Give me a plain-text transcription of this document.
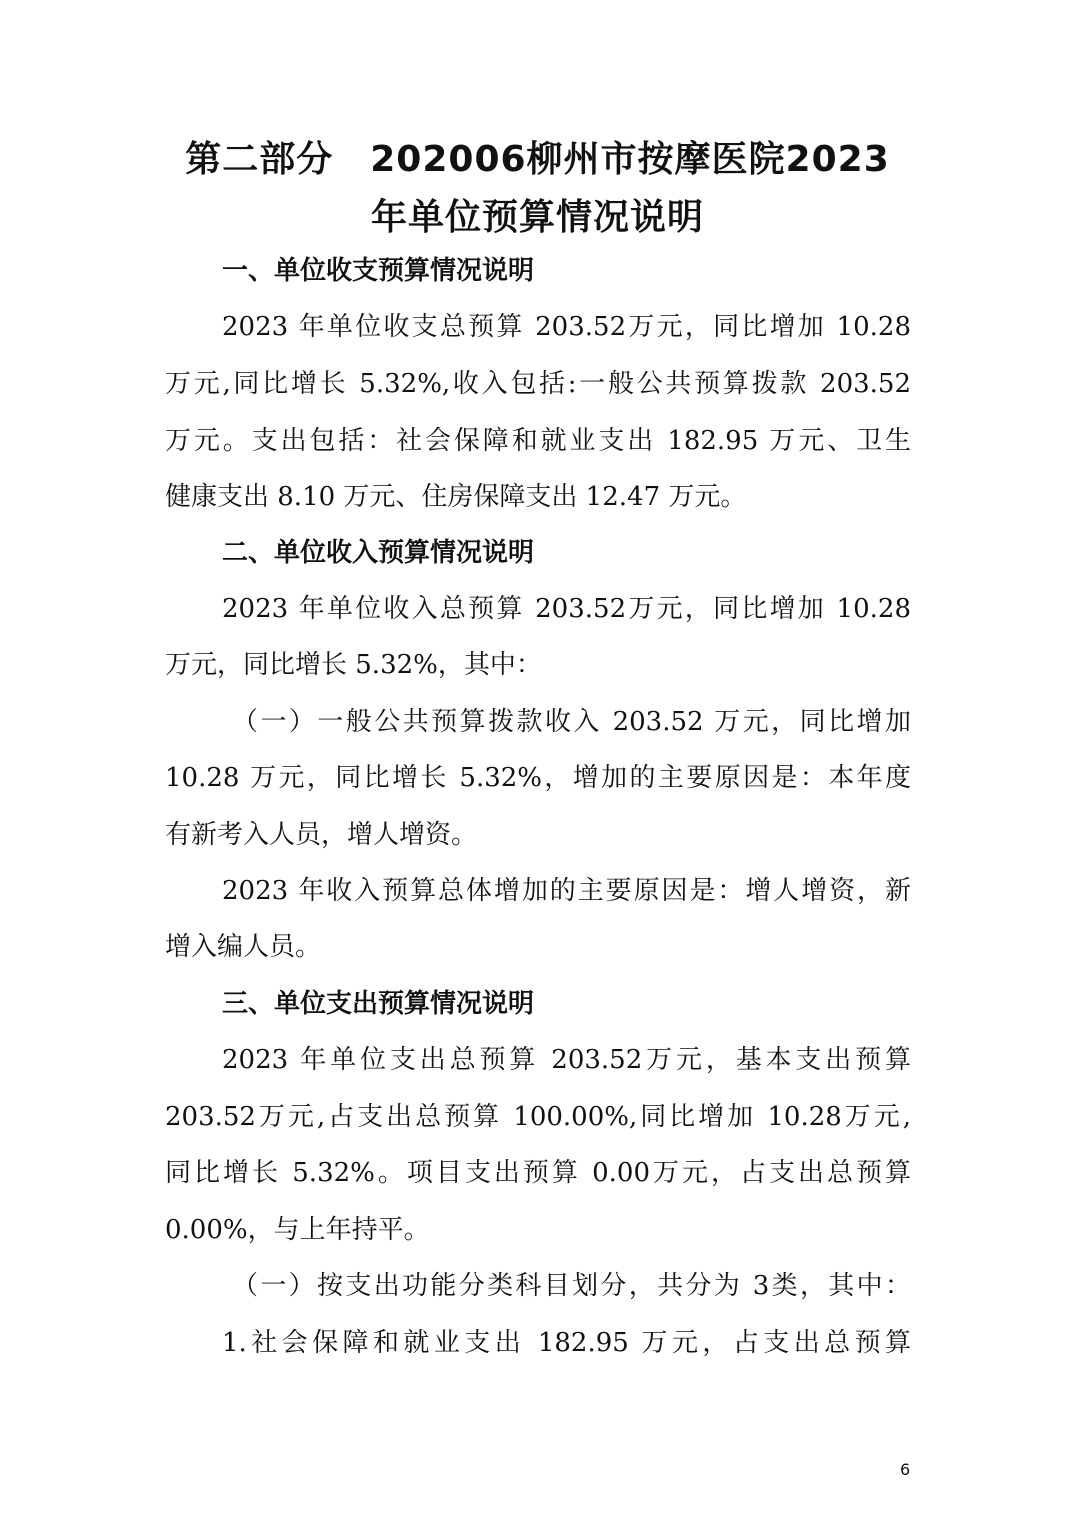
第二部分　202006柳州市按摩医院2023
年单位预算情况说明
一、单位收支预算情况说明
2023 年单位收支总预算 203.52万元，同比增加 10.28
万元,同比增长 5.32%,收入包括:一般公共预算拨款 203.52
万元。支出包括：社会保障和就业支出 182.95 万元、卫生
健康支出 8.10 万元、住房保障支出 12.47 万元。
二、单位收入预算情况说明
2023 年单位收入总预算 203.52万元，同比增加 10.28
万元，同比增长 5.32%，其中：
（一）一般公共预算拨款收入 203.52 万元，同比增加
10.28 万元，同比增长 5.32%，增加的主要原因是：本年度
有新考入人员，增人增资。
2023 年收入预算总体增加的主要原因是：增人增资，新
增入编人员。
三、单位支出预算情况说明
2023 年单位支出总预算 203.52万元，基本支出预算
203.52万元,占支出总预算 100.00%,同比增加 10.28万元,
同比增长 5.32%。项目支出预算 0.00万元，占支出总预算
0.00%，与上年持平。
（一）按支出功能分类科目划分，共分为 3类，其中：
1.社会保障和就业支出 182.95 万元，占支出总预算
6
